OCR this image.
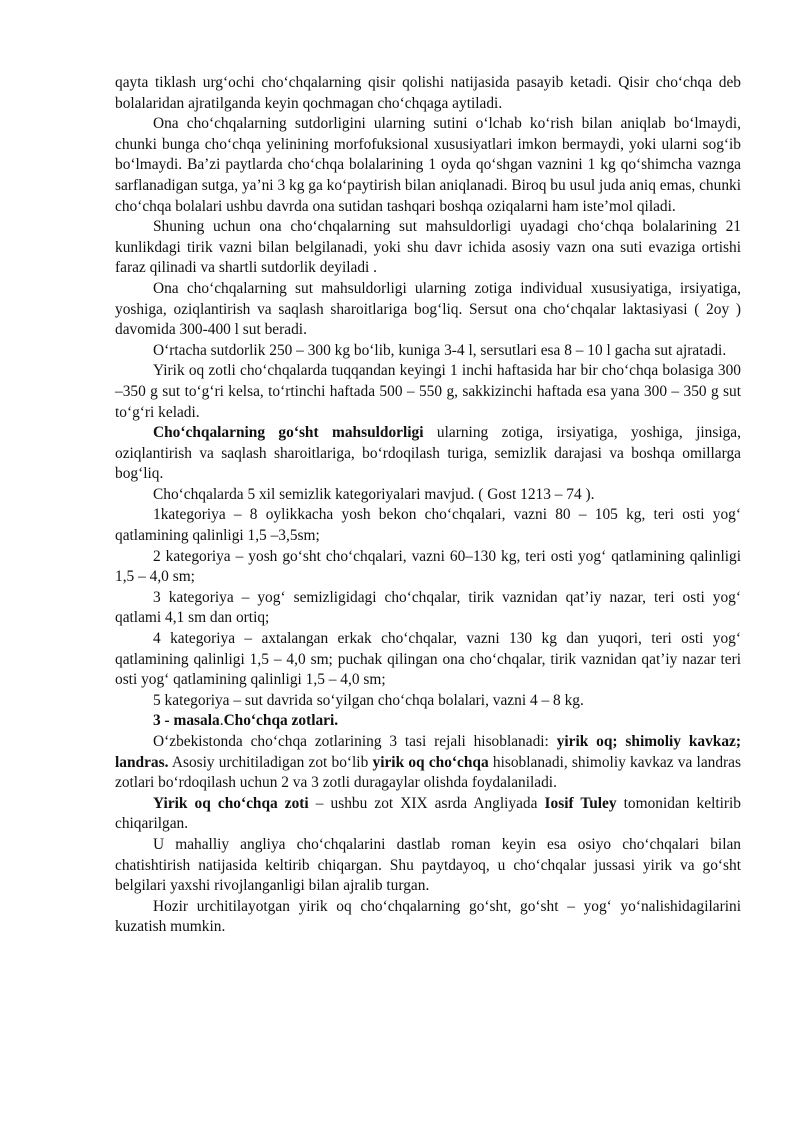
qayta tiklash urg‘ochi cho‘chqalarning qisir qolishi natijasida pasayib ketadi. Qisir cho‘chqa deb bolalaridan ajratilganda keyin qochmagan cho‘chqaga aytiladi.

Ona cho‘chqalarning sutdorligini ularning sutini o‘lchab ko‘rish bilan aniqlab bo‘lmaydi, chunki bunga cho‘chqa yelinining morfofuksional xususiyatlari imkon bermaydi, yoki ularni sog‘ib bo‘lmaydi. Ba’zi paytlarda cho‘chqa bolalarining 1 oyda qo‘shgan vaznini 1 kg qo‘shimcha vaznga sarflanadigan sutga, ya’ni 3 kg ga ko‘paytirish bilan aniqlanadi. Biroq bu usul juda aniq emas, chunki cho‘chqa bolalari ushbu davrda ona sutidan tashqari boshqa oziqalarni ham iste’mol qiladi.

Shuning uchun ona cho‘chqalarning sut mahsuldorligi uyadagi cho‘chqa bolalarining 21 kunlikdagi tirik vazni bilan belgilanadi, yoki shu davr ichida asosiy vazn ona suti evaziga ortishi faraz qilinadi va shartli sutdorlik deyiladi .

Ona cho‘chqalarning sut mahsuldorligi ularning zotiga individual xususiyatiga, irsiyatiga, yoshiga, oziqlantirish va saqlash sharoitlariga bog‘liq. Sersut ona cho‘chqalar laktasiyasi ( 2oy ) davomida 300-400 l sut beradi.

O‘rtacha sutdorlik 250 – 300 kg bo‘lib, kuniga 3-4 l, sersutlari esa 8 – 10 l gacha sut ajratadi.

Yirik oq zotli cho‘chqalarda tuqqandan keyingi 1 inchi haftasida har bir cho‘chqa bolasiga 300 –350 g sut to‘g‘ri kelsa, to‘rtinchi haftada 500 – 550 g, sakkizinchi haftada esa yana 300 – 350 g sut to‘g‘ri keladi.

Cho‘chqalarning go‘sht mahsuldorligi ularning zotiga, irsiyatiga, yoshiga, jinsiga, oziqlantirish va saqlash sharoitlariga, bo‘rdoqilash turiga, semizlik darajasi va boshqa omillarga bog‘liq.

Cho‘chqalarda 5 xil semizlik kategoriyalari mavjud. ( Gost 1213 – 74 ).

1kategoriya – 8 oylikkacha yosh bekon cho‘chqalari, vazni 80 – 105 kg, teri osti yog‘ qatlamining qalinligi 1,5 –3,5sm;

2 kategoriya – yosh go‘sht cho‘chqalari, vazni 60–130 kg, teri osti yog‘ qatlamining qalinligi 1,5 – 4,0 sm;

3 kategoriya – yog‘ semizligidagi cho‘chqalar, tirik vaznidan qat’iy nazar, teri osti yog‘ qatlami 4,1 sm dan ortiq;

4 kategoriya – axtalangan erkak cho‘chqalar, vazni 130 kg dan yuqori, teri osti yog‘ qatlamining qalinligi 1,5 – 4,0 sm; puchak qilingan ona cho‘chqalar, tirik vaznidan qat’iy nazar teri osti yog‘ qatlamining qalinligi 1,5 – 4,0 sm;

5 kategoriya – sut davrida so‘yilgan cho‘chqa bolalari, vazni 4 – 8 kg.

3 - masala.Cho‘chqa zotlari.

O‘zbekistonda cho‘chqa zotlarining 3 tasi rejali hisoblanadi: yirik oq; shimoliy kavkaz; landras. Asosiy urchitiladigan zot bo‘lib yirik oq cho‘chqa hisoblanadi, shimoliy kavkaz va landras zotlari bo‘rdoqilash uchun 2 va 3 zotli duragaylar olishda foydalaniladi.

Yirik oq cho‘chqa zoti – ushbu zot XIX asrda Angliyada Iosif Tuley tomonidan keltirib chiqarilgan.

U mahalliy angliya cho‘chqalarini dastlab roman keyin esa osiyo cho‘chqalari bilan chatishtirish natijasida keltirib chiqargan. Shu paytdayoq, u cho‘chqalar jussasi yirik va go‘sht belgilari yaxshi rivojlanganligi bilan ajralib turgan.

Hozir urchitilayotgan yirik oq cho‘chqalarning go‘sht, go‘sht – yog‘ yo‘nalishidagilarini kuzatish mumkin.
